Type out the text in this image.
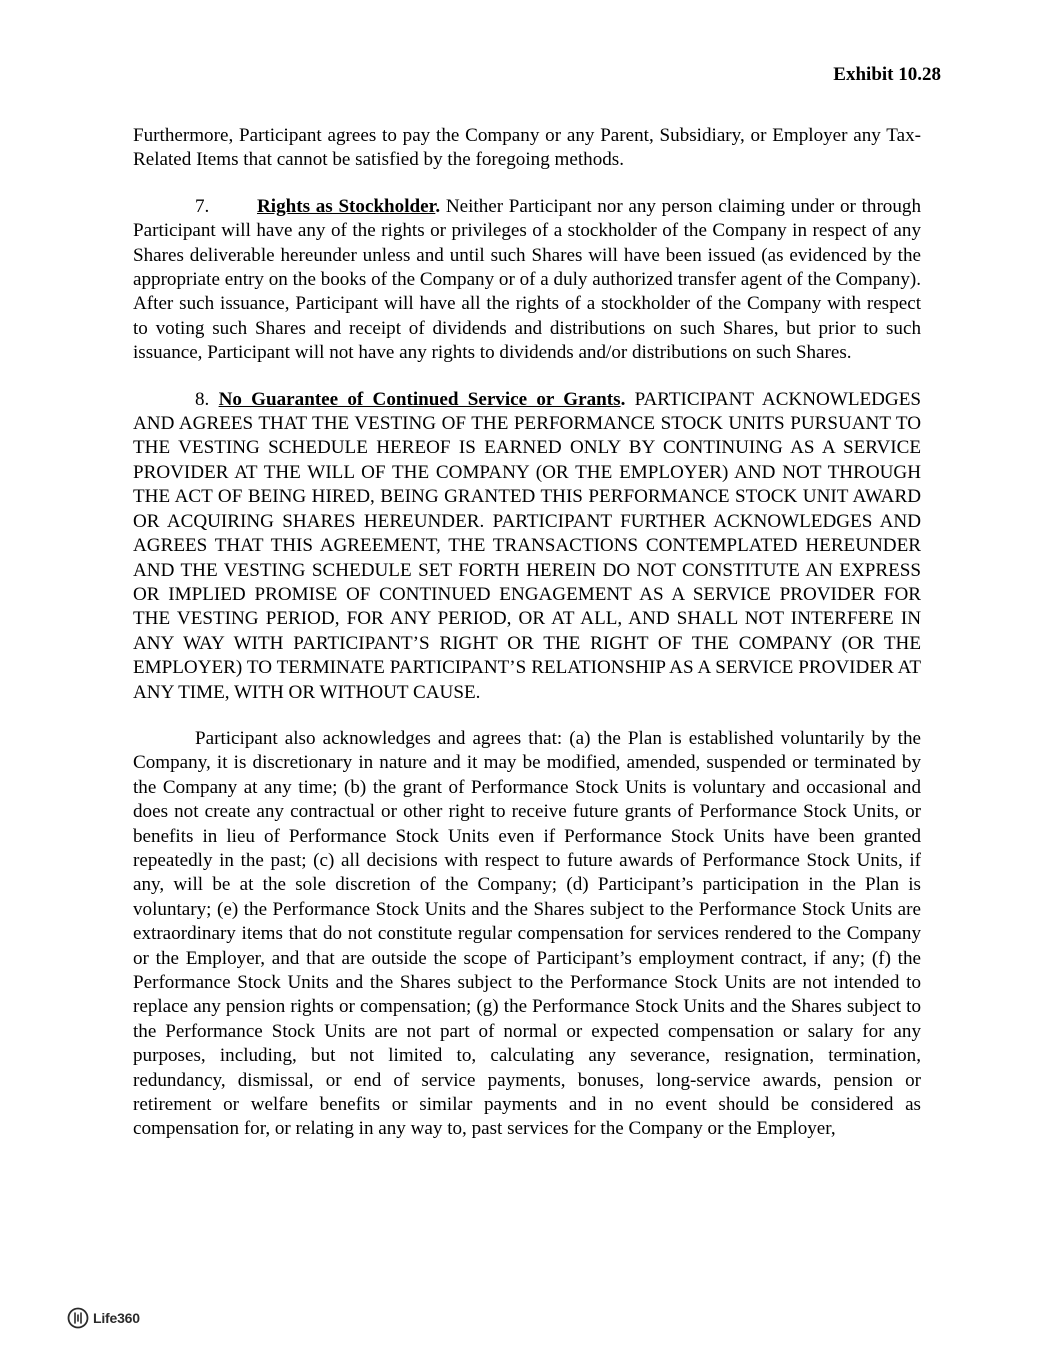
Exhibit 10.28

Furthermore, Participant agrees to pay the Company or any Parent, Subsidiary, or Employer any Tax-Related Items that cannot be satisfied by the foregoing methods.

7. Rights as Stockholder. Neither Participant nor any person claiming under or through Participant will have any of the rights or privileges of a stockholder of the Company in respect of any Shares deliverable hereunder unless and until such Shares will have been issued (as evidenced by the appropriate entry on the books of the Company or of a duly authorized transfer agent of the Company). After such issuance, Participant will have all the rights of a stockholder of the Company with respect to voting such Shares and receipt of dividends and distributions on such Shares, but prior to such issuance, Participant will not have any rights to dividends and/or distributions on such Shares.

8. No Guarantee of Continued Service or Grants. PARTICIPANT ACKNOWLEDGES AND AGREES THAT THE VESTING OF THE PERFORMANCE STOCK UNITS PURSUANT TO THE VESTING SCHEDULE HEREOF IS EARNED ONLY BY CONTINUING AS A SERVICE PROVIDER AT THE WILL OF THE COMPANY (OR THE EMPLOYER) AND NOT THROUGH THE ACT OF BEING HIRED, BEING GRANTED THIS PERFORMANCE STOCK UNIT AWARD OR ACQUIRING SHARES HEREUNDER. PARTICIPANT FURTHER ACKNOWLEDGES AND AGREES THAT THIS AGREEMENT, THE TRANSACTIONS CONTEMPLATED HEREUNDER AND THE VESTING SCHEDULE SET FORTH HEREIN DO NOT CONSTITUTE AN EXPRESS OR IMPLIED PROMISE OF CONTINUED ENGAGEMENT AS A SERVICE PROVIDER FOR THE VESTING PERIOD, FOR ANY PERIOD, OR AT ALL, AND SHALL NOT INTERFERE IN ANY WAY WITH PARTICIPANT’S RIGHT OR THE RIGHT OF THE COMPANY (OR THE EMPLOYER) TO TERMINATE PARTICIPANT’S RELATIONSHIP AS A SERVICE PROVIDER AT ANY TIME, WITH OR WITHOUT CAUSE.

Participant also acknowledges and agrees that: (a) the Plan is established voluntarily by the Company, it is discretionary in nature and it may be modified, amended, suspended or terminated by the Company at any time; (b) the grant of Performance Stock Units is voluntary and occasional and does not create any contractual or other right to receive future grants of Performance Stock Units, or benefits in lieu of Performance Stock Units even if Performance Stock Units have been granted repeatedly in the past; (c) all decisions with respect to future awards of Performance Stock Units, if any, will be at the sole discretion of the Company; (d) Participant’s participation in the Plan is voluntary; (e) the Performance Stock Units and the Shares subject to the Performance Stock Units are extraordinary items that do not constitute regular compensation for services rendered to the Company or the Employer, and that are outside the scope of Participant’s employment contract, if any; (f) the Performance Stock Units and the Shares subject to the Performance Stock Units are not intended to replace any pension rights or compensation; (g) the Performance Stock Units and the Shares subject to the Performance Stock Units are not part of normal or expected compensation or salary for any purposes, including, but not limited to, calculating any severance, resignation, termination, redundancy, dismissal, or end of service payments, bonuses, long-service awards, pension or retirement or welfare benefits or similar payments and in no event should be considered as compensation for, or relating in any way to, past services for the Company or the Employer,

Life360
